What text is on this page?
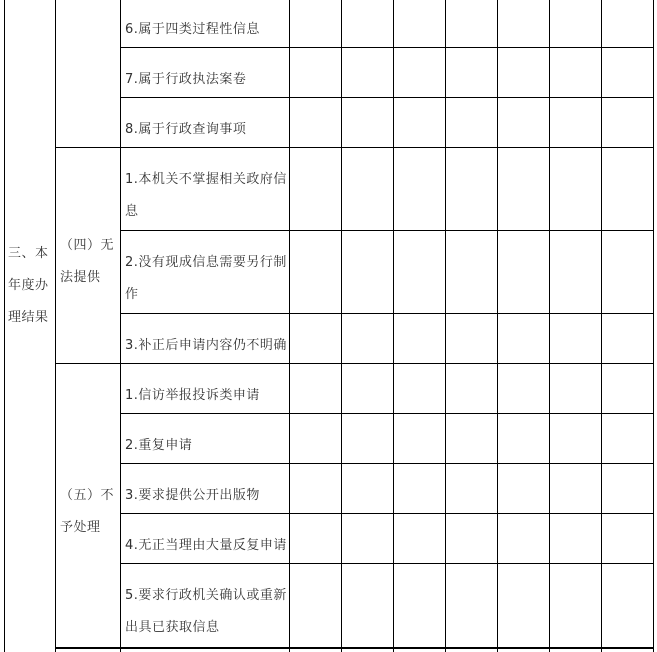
三、本
年度办
理结果
（四）无
法提供
（五）不
予处理
6.属于四类过程性信息
7.属于行政执法案卷
8.属于行政查询事项
1.本机关不掌握相关政府信
息
2.没有现成信息需要另行制
作
3.补正后申请内容仍不明确
1.信访举报投诉类申请
2.重复申请
3.要求提供公开出版物
4.无正当理由大量反复申请
5.要求行政机关确认或重新
出具已获取信息
